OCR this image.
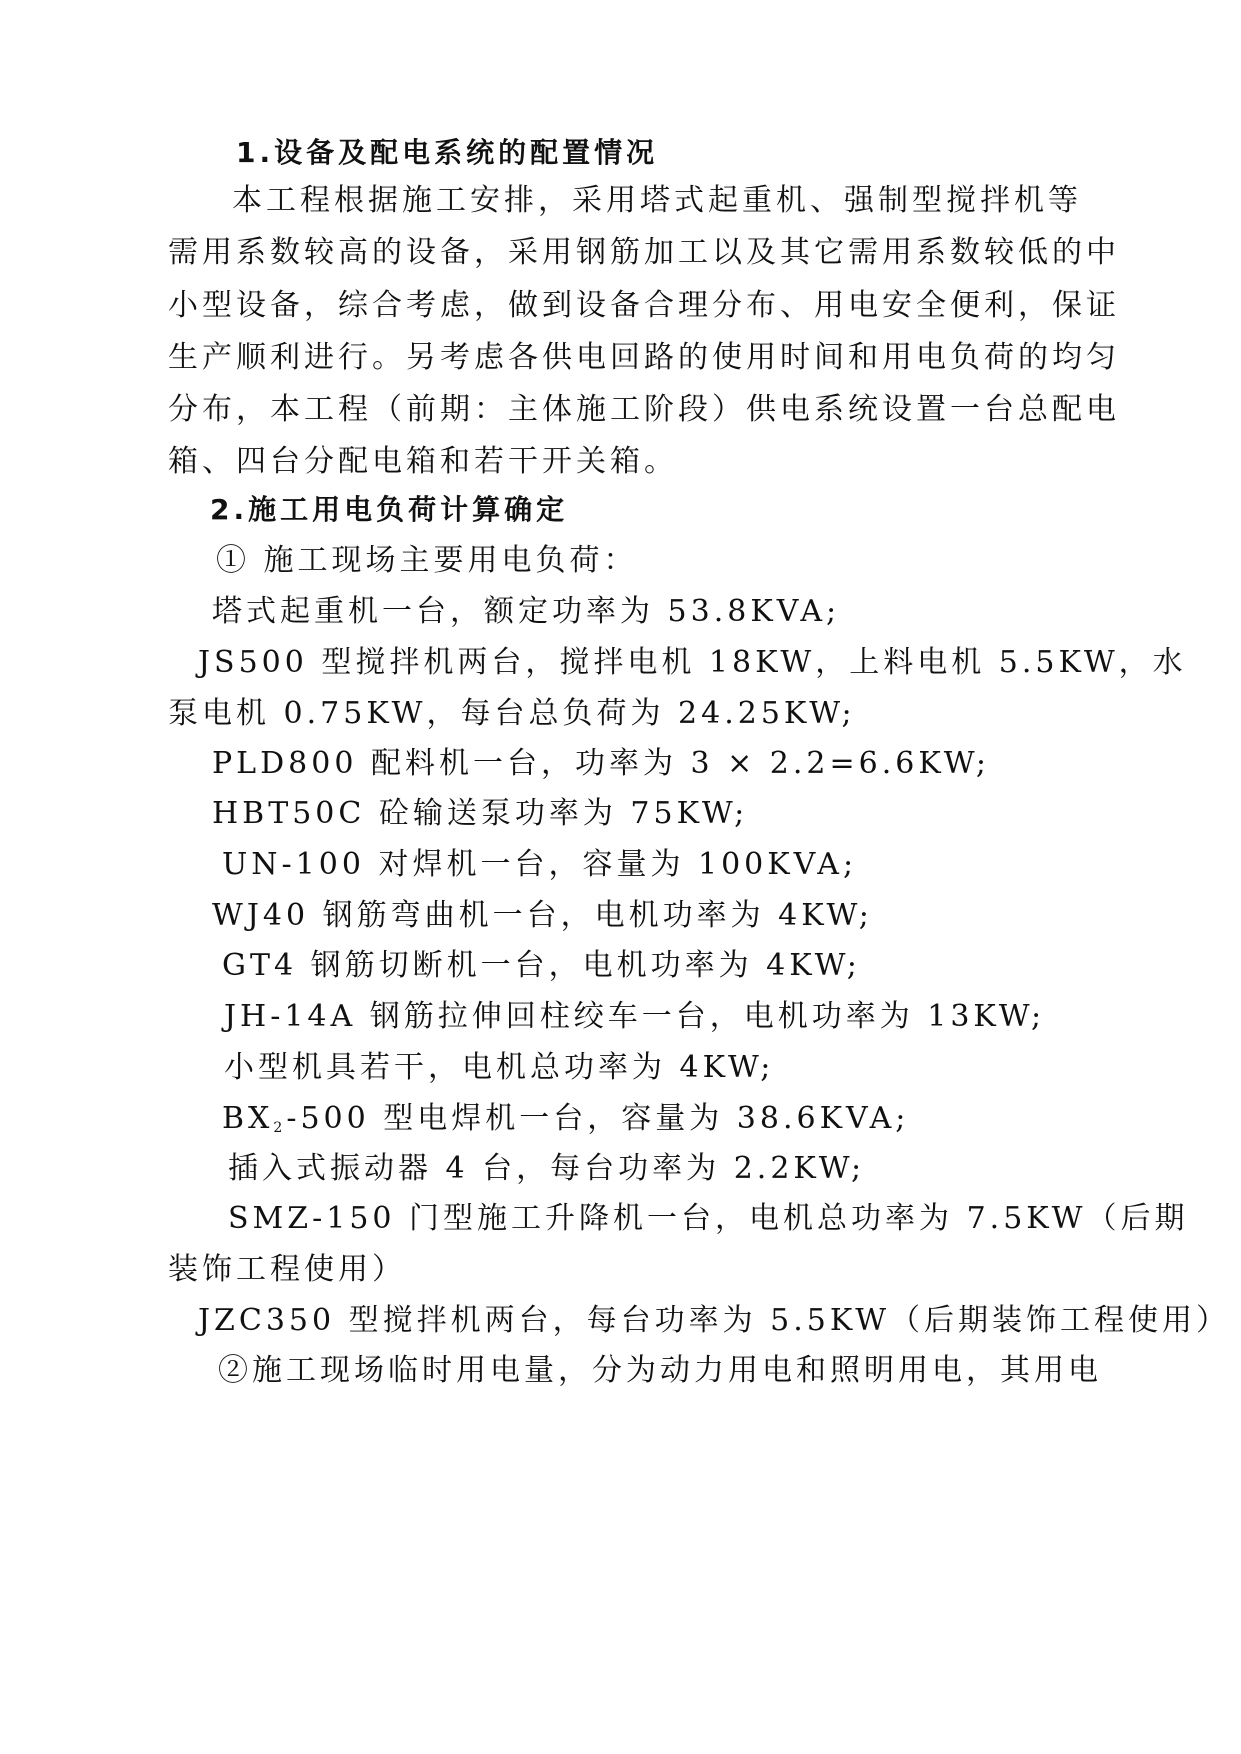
1.设备及配电系统的配置情况
本工程根据施工安排，采用塔式起重机、强制型搅拌机等
需用系数较高的设备，采用钢筋加工以及其它需用系数较低的中
小型设备，综合考虑，做到设备合理分布、用电安全便利，保证
生产顺利进行。另考虑各供电回路的使用时间和用电负荷的均匀
分布，本工程（前期：主体施工阶段）供电系统设置一台总配电
箱、四台分配电箱和若干开关箱。
2.施工用电负荷计算确定
① 施工现场主要用电负荷：
塔式起重机一台，额定功率为 53.8KVA;
JS500 型搅拌机两台，搅拌电机 18KW，上料电机 5.5KW，水
泵电机 0.75KW，每台总负荷为 24.25KW;
PLD800 配料机一台，功率为 3 × 2.2=6.6KW;
HBT50C 砼输送泵功率为 75KW;
UN-100 对焊机一台，容量为 100KVA;
WJ40 钢筋弯曲机一台，电机功率为 4KW;
GT4 钢筋切断机一台，电机功率为 4KW;
JH-14A 钢筋拉伸回柱绞车一台，电机功率为 13KW;
小型机具若干，电机总功率为 4KW;
$BX_2-500$ 型电焊机一台，容量为 38.6KVA;
插入式振动器 4 台，每台功率为 2.2KW;
SMZ-150 门型施工升降机一台，电机总功率为 7.5KW（后期
装饰工程使用）
JZC350 型搅拌机两台，每台功率为 5.5KW（后期装饰工程使用）
②施工现场临时用电量，分为动力用电和照明用电，其用电
